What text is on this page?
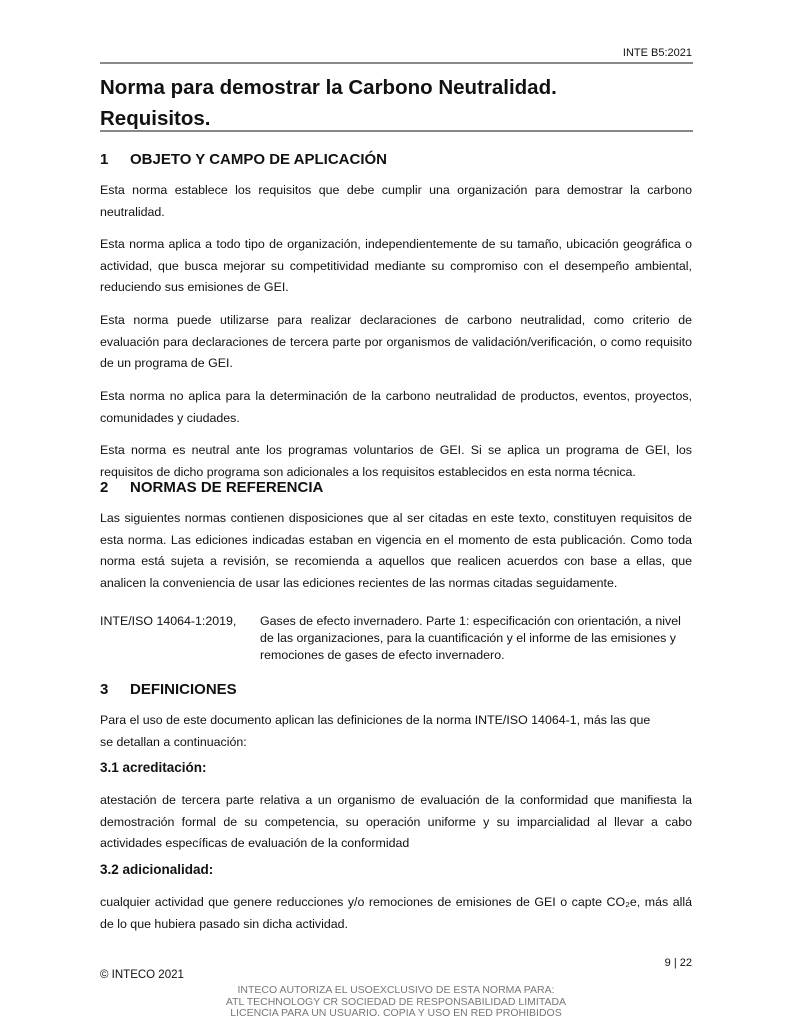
INTE B5:2021
Norma para demostrar la Carbono Neutralidad.
Requisitos.
1 OBJETO Y CAMPO DE APLICACIÓN

Esta norma establece los requisitos que debe cumplir una organización para demostrar la carbono neutralidad.

Esta norma aplica a todo tipo de organización, independientemente de su tamaño, ubicación geográfica o actividad, que busca mejorar su competitividad mediante su compromiso con el desempeño ambiental, reduciendo sus emisiones de GEI.

Esta norma puede utilizarse para realizar declaraciones de carbono neutralidad, como criterio de evaluación para declaraciones de tercera parte por organismos de validación/verificación, o como requisito de un programa de GEI.

Esta norma no aplica para la determinación de la carbono neutralidad de productos, eventos, proyectos, comunidades y ciudades.

Esta norma es neutral ante los programas voluntarios de GEI. Si se aplica un programa de GEI, los requisitos de dicho programa son adicionales a los requisitos establecidos en esta norma técnica.

2 NORMAS DE REFERENCIA

Las siguientes normas contienen disposiciones que al ser citadas en este texto, constituyen requisitos de esta norma. Las ediciones indicadas estaban en vigencia en el momento de esta publicación. Como toda norma está sujeta a revisión, se recomienda a aquellos que realicen acuerdos con base a ellas, que analicen la conveniencia de usar las ediciones recientes de las normas citadas seguidamente.

INTE/ISO 14064-1:2019,	Gases de efecto invernadero. Parte 1: especificación con orientación, a nivel de las organizaciones, para la cuantificación y el informe de las emisiones y remociones de gases de efecto invernadero.
3 DEFINICIONES

Para el uso de este documento aplican las definiciones de la norma INTE/ISO 14064-1, más las que se detallan a continuación:

3.1 acreditación:

atestación de tercera parte relativa a un organismo de evaluación de la conformidad que manifiesta la demostración formal de su competencia, su operación uniforme y su imparcialidad al llevar a cabo actividades específicas de evaluación de la conformidad

3.2 adicionalidad:

cualquier actividad que genere reducciones y/o remociones de emisiones de GEI o capte CO₂e, más allá de lo que hubiera pasado sin dicha actividad.

9 | 22
© INTECO 2021
INTECO AUTORIZA EL USOEXCLUSIVO DE ESTA NORMA PARA:
ATL TECHNOLOGY CR SOCIEDAD DE RESPONSABILIDAD LIMITADA
LICENCIA PARA UN USUARIO. COPIA Y USO EN RED PROHIBIDOS
